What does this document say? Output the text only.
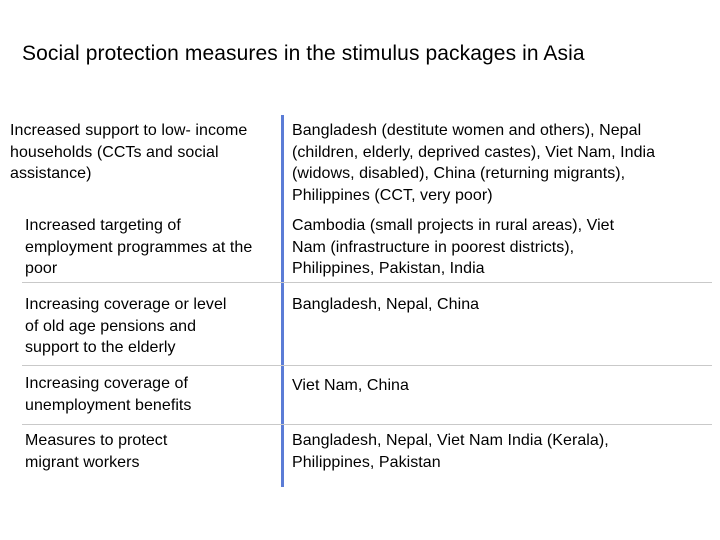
Social protection measures in the stimulus packages in Asia
Increased support to low- income
households (CCTs and social
assistance)
Bangladesh (destitute women and others), Nepal
(children, elderly, deprived castes), Viet Nam, India
(widows, disabled), China (returning migrants),
Philippines (CCT, very poor)
Increased targeting of
employment programmes at the
poor
Cambodia (small projects in rural areas), Viet
Nam (infrastructure in poorest districts),
Philippines, Pakistan, India
Increasing coverage or level
of old age pensions and
support to the elderly
Bangladesh, Nepal, China
Increasing coverage of
unemployment benefits
Viet Nam, China
Measures to protect
migrant workers
Bangladesh, Nepal, Viet Nam India (Kerala),
Philippines, Pakistan
